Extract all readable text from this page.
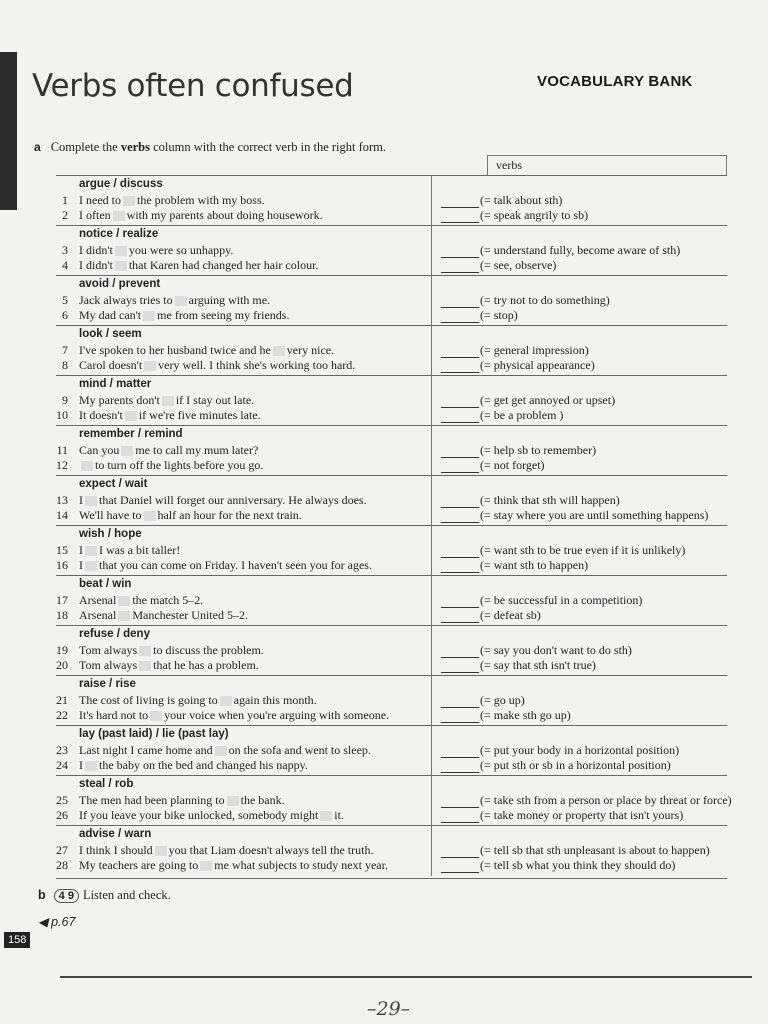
Verbs often confused	VOCABULARY BANK
a Complete the verbs column with the correct verb in the right form.
verbs
argue / discuss
1 I need to the problem with my boss.	(= talk about sth)
2 I often with my parents about doing housework.	(= speak angrily to sb)
notice / realize
3 I didn't you were so unhappy.	(= understand fully, become aware of sth)
4 I didn't that Karen had changed her hair colour.	(= see, observe)
avoid / prevent
5 Jack always tries to arguing with me.	(= try not to do something)
6 My dad can't me from seeing my friends.	(= stop)
look / seem
7 I've spoken to her husband twice and he very nice.	(= general impression)
8 Carol doesn't very well. I think she's working too hard.	(= physical appearance)
mind / matter
9 My parents don't if I stay out late.	(= get get annoyed or upset)
10 It doesn't if we're five minutes late.	(= be a problem )
remember / remind
11 Can you me to call my mum later?	(= help sb to remember)
12	to turn off the lights before you go.	(= not forget)
expect / wait
13 I that Daniel will forget our anniversary. He always does.	(= think that sth will happen)
14 We'll have to half an hour for the next train.	(= stay where you are until something happens)
wish / hope
15 I I was a bit taller!	(= want sth to be true even if it is unlikely)
16 I that you can come on Friday. I haven't seen you for ages.	(= want sth to happen)
beat / win
17 Arsenal the match 5–2.	(= be successful in a competition)
18 Arsenal Manchester United 5–2.	(= defeat sb)
refuse / deny
19 Tom always to discuss the problem.	(= say you don't want to do sth)
20 Tom always that he has a problem.	(= say that sth isn't true)
raise / rise
21 The cost of living is going to again this month.	(= go up)
22 It's hard not to your voice when you're arguing with someone.	(= make sth go up)
lay (past laid) / lie (past lay)
23 Last night I came home and on the sofa and went to sleep.	(= put your body in a horizontal position)
24 I the baby on the bed and changed his nappy.	(= put sth or sb in a horizontal position)
steal / rob
25 The men had been planning to the bank.	(= take sth from a person or place by threat or force)
26 If you leave your bike unlocked, somebody might it.	(= take money or property that isn't yours)
advise / warn
27 I think I should you that Liam doesn't always tell the truth.	(= tell sb that sth unpleasant is about to happen)
28 My teachers are going to me what subjects to study next year.	(= tell sb what you think they should do)
b 4 9 Listen and check.
◀ p.67
158
–29–
